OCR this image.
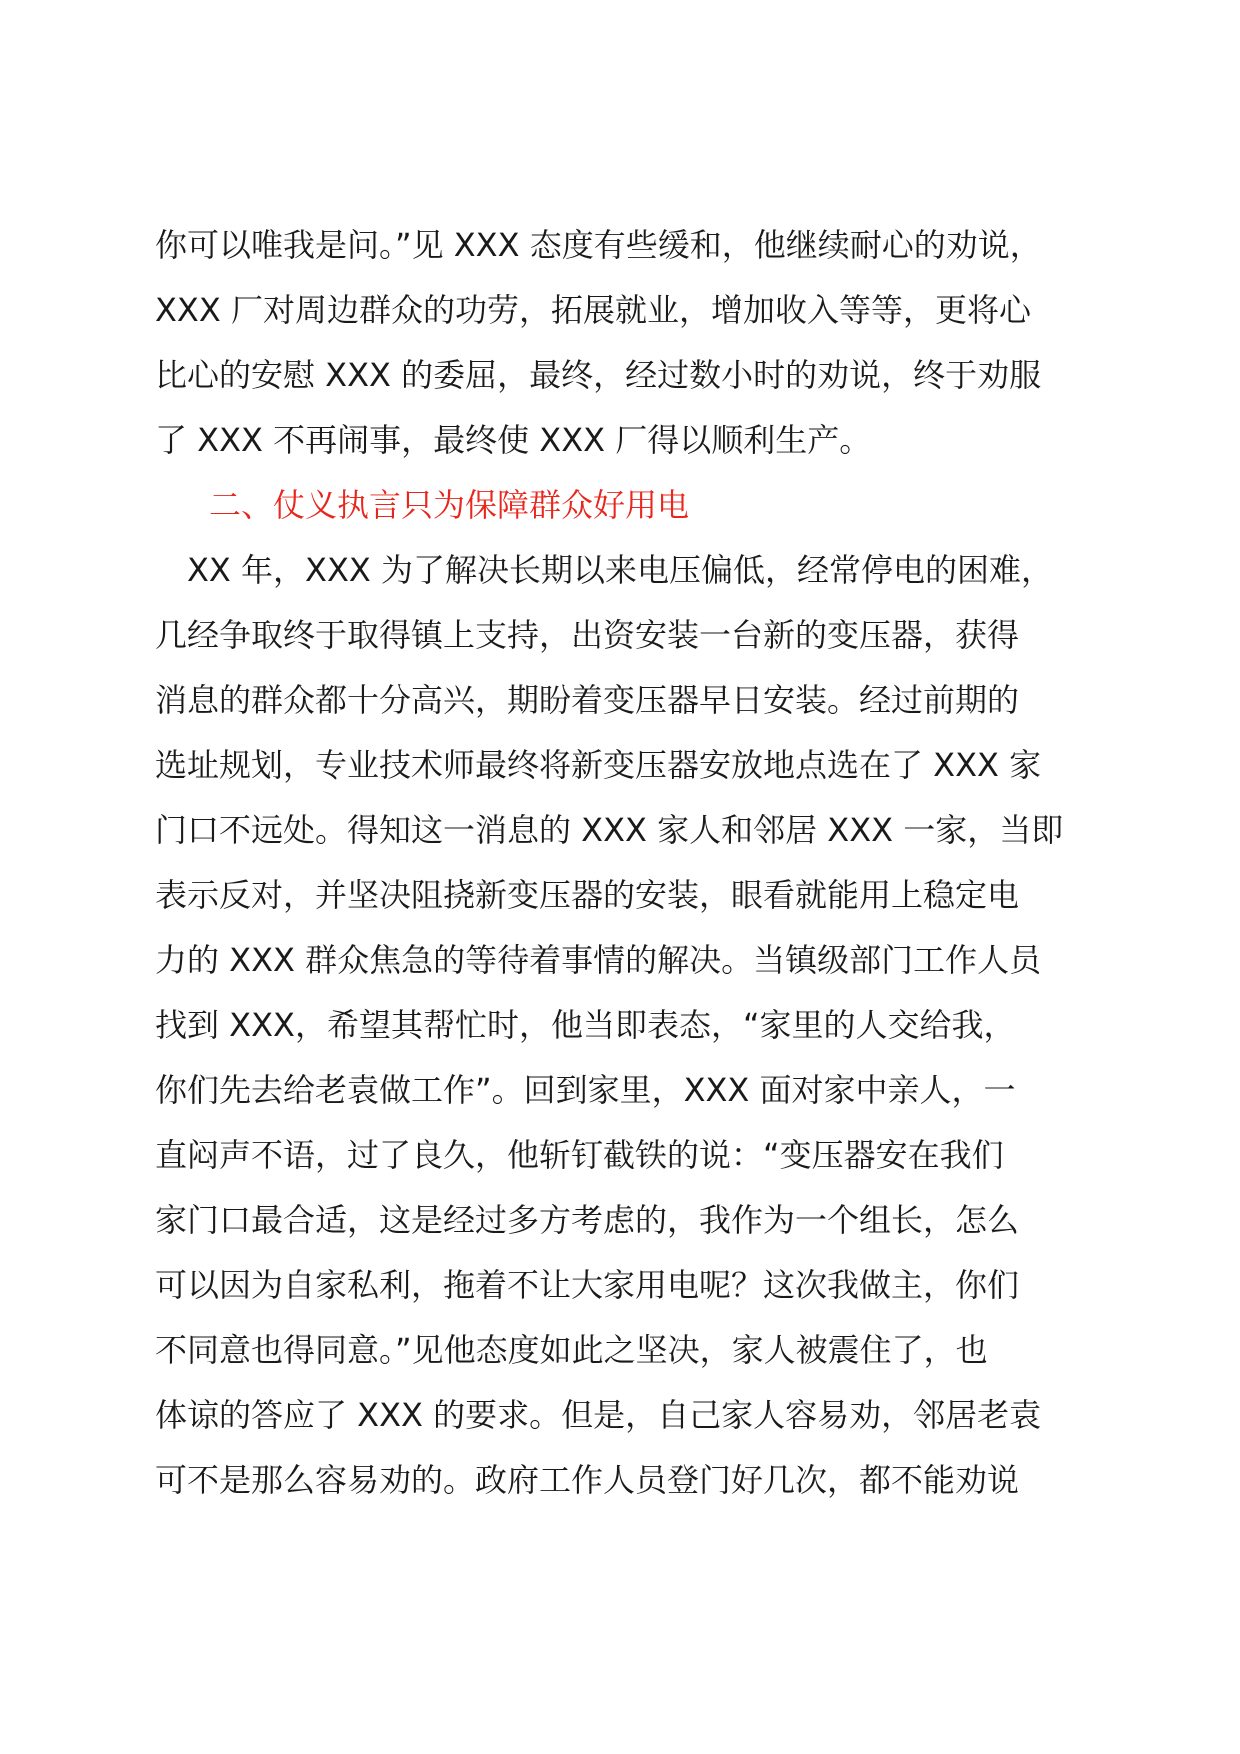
你可以唯我是问。”见 XXX 态度有些缓和，他继续耐心的劝说，
XXX 厂对周边群众的功劳，拓展就业，增加收入等等，更将心
比心的安慰 XXX 的委屈，最终，经过数小时的劝说，终于劝服
了 XXX 不再闹事，最终使 XXX 厂得以顺利生产。
二、仗义执言只为保障群众好用电
　XX 年，XXX 为了解决长期以来电压偏低，经常停电的困难，
几经争取终于取得镇上支持，出资安装一台新的变压器，获得
消息的群众都十分高兴，期盼着变压器早日安装。经过前期的
选址规划，专业技术师最终将新变压器安放地点选在了 XXX 家
门口不远处。得知这一消息的 XXX 家人和邻居 XXX 一家，当即
表示反对，并坚决阻挠新变压器的安装，眼看就能用上稳定电
力的 XXX 群众焦急的等待着事情的解决。当镇级部门工作人员
找到 XXX，希望其帮忙时，他当即表态，“家里的人交给我，
你们先去给老袁做工作”。回到家里，XXX 面对家中亲人，一
直闷声不语，过了良久，他斩钉截铁的说：“变压器安在我们
家门口最合适，这是经过多方考虑的，我作为一个组长，怎么
可以因为自家私利，拖着不让大家用电呢？这次我做主，你们
不同意也得同意。”见他态度如此之坚决，家人被震住了，也
体谅的答应了 XXX 的要求。但是，自己家人容易劝，邻居老袁
可不是那么容易劝的。政府工作人员登门好几次，都不能劝说
